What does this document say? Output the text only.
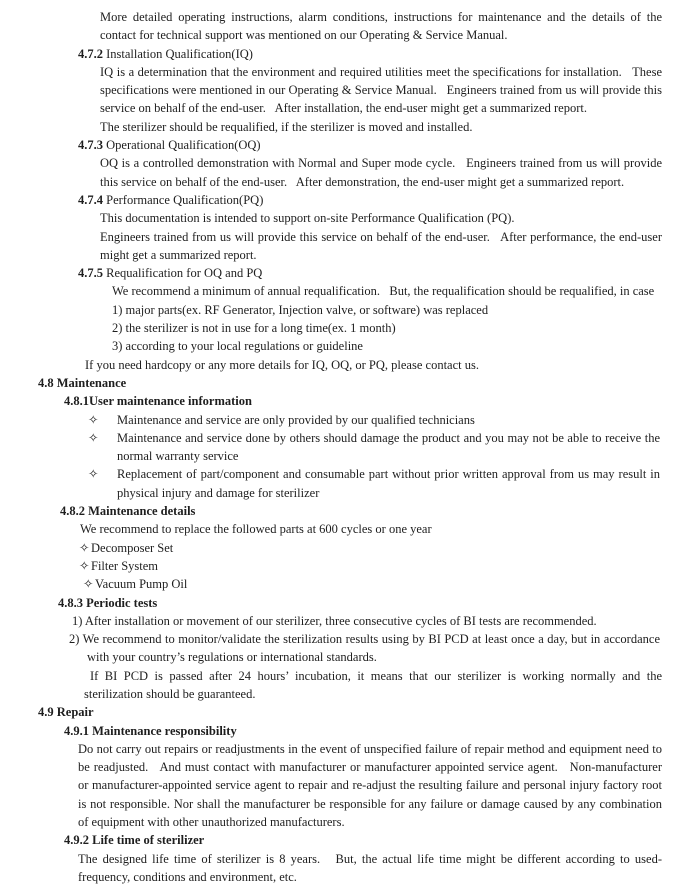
More detailed operating instructions, alarm conditions, instructions for maintenance and the details of the contact for technical support was mentioned on our Operating & Service Manual.
4.7.2 Installation Qualification(IQ)
IQ is a determination that the environment and required utilities meet the specifications for installation.   These specifications were mentioned in our Operating & Service Manual.   Engineers trained from us will provide this service on behalf of the end-user.   After installation, the end-user might get a summarized report.
The sterilizer should be requalified, if the sterilizer is moved and installed.
4.7.3 Operational Qualification(OQ)
OQ is a controlled demonstration with Normal and Super mode cycle.   Engineers trained from us will provide this service on behalf of the end-user.   After demonstration, the end-user might get a summarized report.
4.7.4 Performance Qualification(PQ)
This documentation is intended to support on-site Performance Qualification (PQ).
Engineers trained from us will provide this service on behalf of the end-user.   After performance, the end-user might get a summarized report.
4.7.5 Requalification for OQ and PQ
We recommend a minimum of annual requalification.   But, the requalification should be requalified, in case
1) major parts(ex. RF Generator, Injection valve, or software) was replaced
2) the sterilizer is not in use for a long time(ex. 1 month)
3) according to your local regulations or guideline
If you need hardcopy or any more details for IQ, OQ, or PQ, please contact us.
4.8 Maintenance
4.8.1User maintenance information
✧ Maintenance and service are only provided by our qualified technicians
✧ Maintenance and service done by others should damage the product and you may not be able to receive the normal warranty service
✧ Replacement of part/component and consumable part without prior written approval from us may result in physical injury and damage for sterilizer
4.8.2 Maintenance details
We recommend to replace the followed parts at 600 cycles or one year
✧ Decomposer Set
✧ Filter System
✧ Vacuum Pump Oil
4.8.3 Periodic tests
1) After installation or movement of our sterilizer, three consecutive cycles of BI tests are recommended.
2) We recommend to monitor/validate the sterilization results using by BI PCD at least once a day, but in accordance with your country’s regulations or international standards.
If BI PCD is passed after 24 hours’ incubation, it means that our sterilizer is working normally and the sterilization should be guaranteed.
4.9 Repair
4.9.1 Maintenance responsibility
Do not carry out repairs or readjustments in the event of unspecified failure of repair method and equipment need to be readjusted.   And must contact with manufacturer or manufacturer appointed service agent.   Non-manufacturer or manufacturer-appointed service agent to repair and re-adjust the resulting failure and personal injury factory root is not responsible. Nor shall the manufacturer be responsible for any failure or damage caused by any combination of equipment with other unauthorized manufacturers.
4.9.2 Life time of sterilizer
The designed life time of sterilizer is 8 years.   But, the actual life time might be different according to used-frequency, conditions and environment, etc.
